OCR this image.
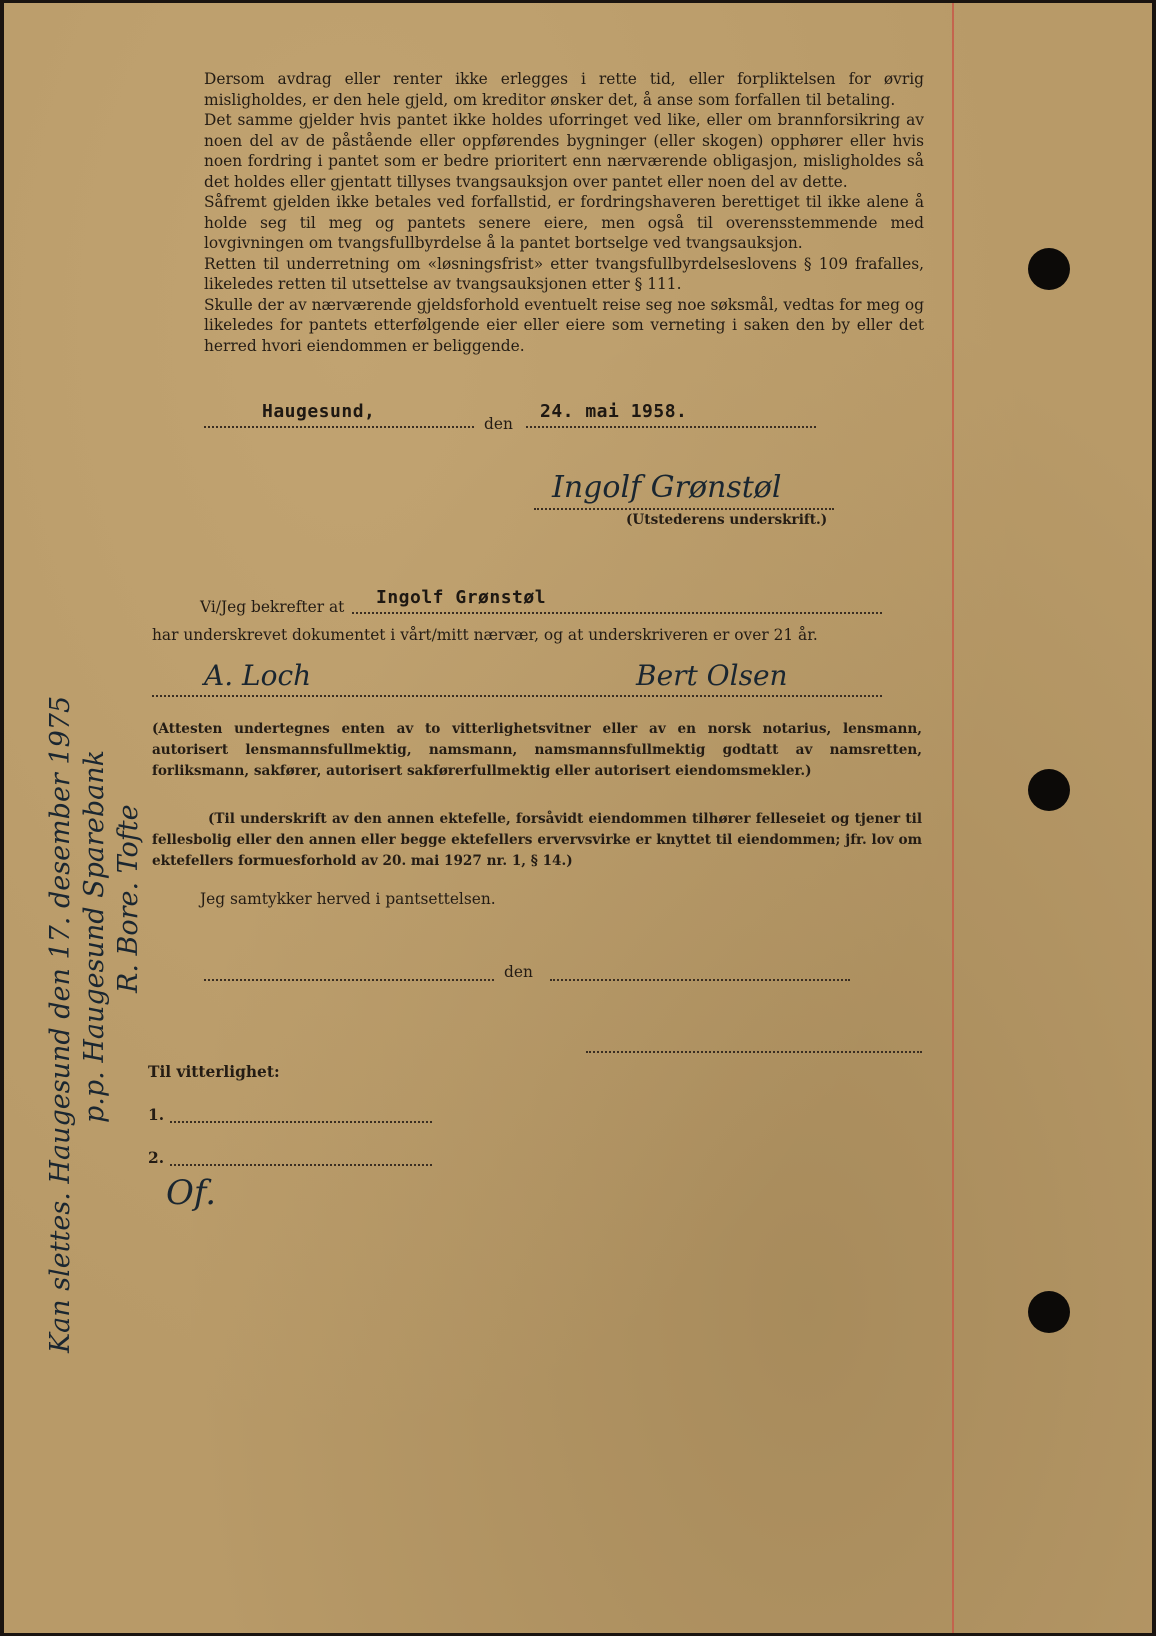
Dersom avdrag eller renter ikke erlegges i rette tid, eller forpliktelsen for øvrig misligholdes, er den hele gjeld, om kreditor ønsker det, å anse som forfallen til betaling.

Det samme gjelder hvis pantet ikke holdes uforringet ved like, eller om brannforsikring av noen del av de påstående eller oppførendes bygninger (eller skogen) opphører eller hvis noen fordring i pantet som er bedre prioritert enn nærværende obligasjon, misligholdes så det holdes eller gjentatt tillyses tvangsauksjon over pantet eller noen del av dette.

Såfremt gjelden ikke betales ved forfallstid, er fordringshaveren berettiget til ikke alene å holde seg til meg og pantets senere eiere, men også til overensstemmende med lovgivningen om tvangsfullbyrdelse å la pantet bortselge ved tvangsauksjon.

Retten til underretning om «løsningsfrist» etter tvangsfullbyrdelseslovens § 109 frafalles, likeledes retten til utsettelse av tvangsauksjonen etter § 111.

Skulle der av nærværende gjeldsforhold eventuelt reise seg noe søksmål, vedtas for meg og likeledes for pantets etterfølgende eier eller eiere som verneting i saken den by eller det herred hvori eiendommen er beliggende.

Haugesund,
den
24. mai 1958.
Ingolf Grønstøl
(Utstederens underskrift.)
Vi/Jeg bekrefter at Ingolf Grønstøl
har underskrevet dokumentet i vårt/mitt nærvær, og at underskriveren er over 21 år.
A. Loch	Bert Olsen
(Attesten undertegnes enten av to vitterlighetsvitner eller av en norsk notarius, lensmann, autorisert lensmannsfullmektig, namsmann, namsmannsfullmektig godtatt av namsretten, forliksmann, sakfører, autorisert sakførerfullmektig eller autorisert eiendomsmekler.)
(Til underskrift av den annen ektefelle, forsåvidt eiendommen tilhører felleseiet og tjener til fellesbolig eller den annen eller begge ektefellers ervervsvirke er knyttet til eiendommen; jfr. lov om ektefellers formuesforhold av 20. mai 1927 nr. 1, § 14.)
Jeg samtykker herved i pantsettelsen.
den
Til vitterlighet:
1.
2.
Of.
Kan slettes. Haugesund den 17. desember 1975 p.p. Haugesund Sparebank R. Bore. Tofte
